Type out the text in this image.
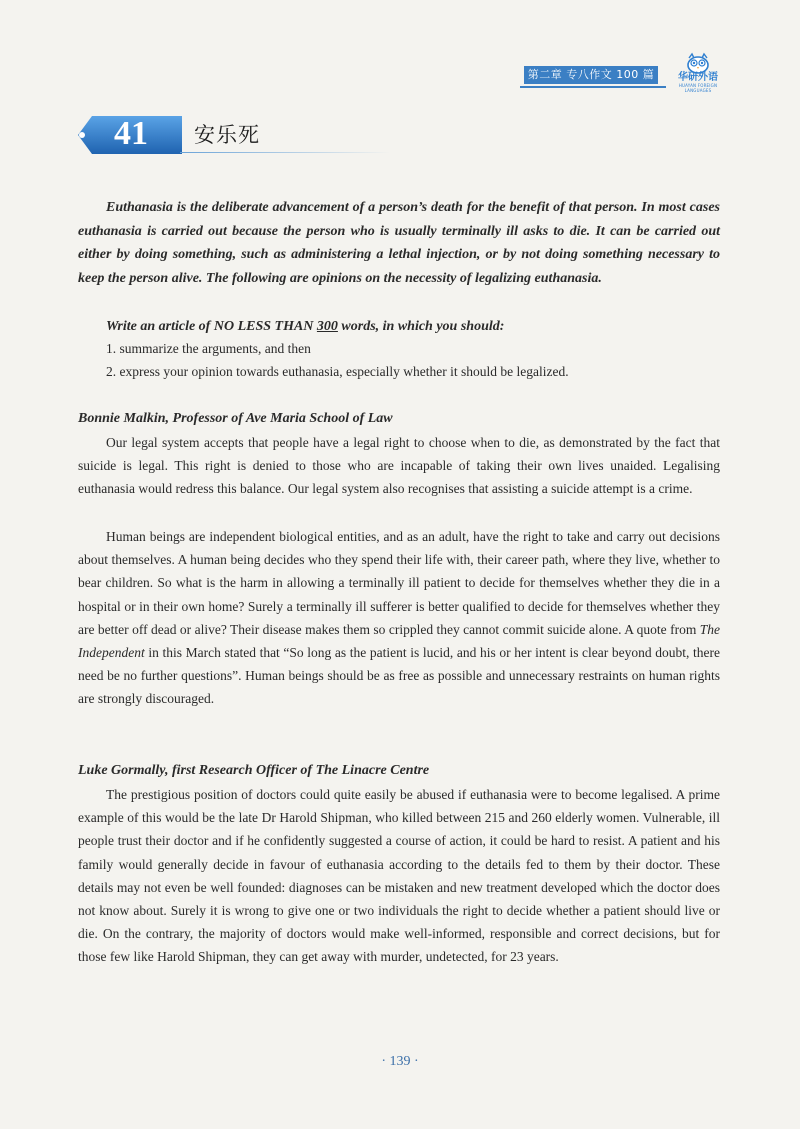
第二章 专八作文 100 篇	华研外语
HUAYAN FOREIGN LANGUAGES
41	安乐死

Euthanasia is the deliberate advancement of a person’s death for the benefit of that person. In most cases euthanasia is carried out because the person who is usually terminally ill asks to die. It can be carried out either by doing something, such as administering a lethal injection, or by not doing something necessary to keep the person alive. The following are opinions on the necessity of legalizing euthanasia.

Write an article of NO LESS THAN 300 words, in which you should:

1. summarize the arguments, and then

2. express your opinion towards euthanasia, especially whether it should be legalized.

Bonnie Malkin, Professor of Ave Maria School of Law

Our legal system accepts that people have a legal right to choose when to die, as demonstrated by the fact that suicide is legal. This right is denied to those who are incapable of taking their own lives unaided. Legalising euthanasia would redress this balance. Our legal system also recognises that assisting a suicide attempt is a crime.

Human beings are independent biological entities, and as an adult, have the right to take and carry out decisions about themselves. A human being decides who they spend their life with, their career path, where they live, whether to bear children. So what is the harm in allowing a terminally ill patient to decide for themselves whether they die in a hospital or in their own home? Surely a terminally ill sufferer is better qualified to decide for themselves whether they are better off dead or alive? Their disease makes them so crippled they cannot commit suicide alone. A quote from The Independent in this March stated that “So long as the patient is lucid, and his or her intent is clear beyond doubt, there need be no further questions”. Human beings should be as free as possible and unnecessary restraints on human rights are strongly discouraged.

Luke Gormally, first Research Officer of The Linacre Centre

The prestigious position of doctors could quite easily be abused if euthanasia were to become legalised. A prime example of this would be the late Dr Harold Shipman, who killed between 215 and 260 elderly women. Vulnerable, ill people trust their doctor and if he confidently suggested a course of action, it could be hard to resist. A patient and his family would generally decide in favour of euthanasia according to the details fed to them by their doctor. These details may not even be well founded: diagnoses can be mistaken and new treatment developed which the doctor does not know about. Surely it is wrong to give one or two individuals the right to decide whether a patient should live or die. On the contrary, the majority of doctors would make well-informed, responsible and correct decisions, but for those few like Harold Shipman, they can get away with murder, undetected, for 23 years.

· 139 ·
